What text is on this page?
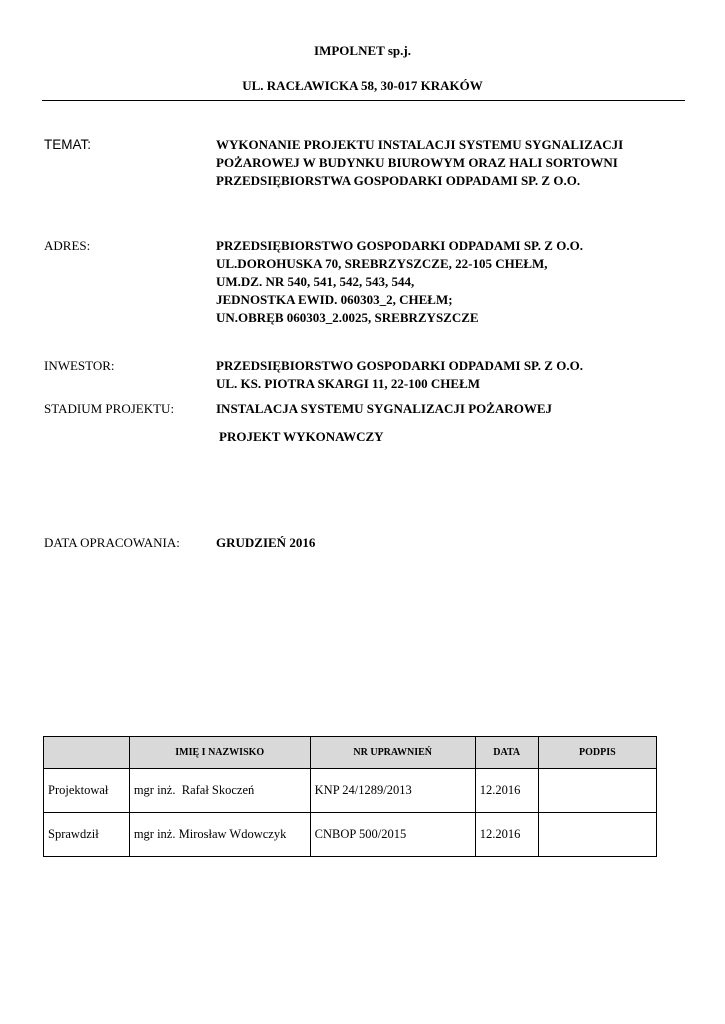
IMPOLNET sp.j.
UL. RACŁAWICKA 58, 30-017 KRAKÓW
TEMAT:	WYKONANIE PROJEKTU INSTALACJI SYSTEMU SYGNALIZACJI
POŻAROWEJ W BUDYNKU BIUROWYM ORAZ HALI SORTOWNI
PRZEDSIĘBIORSTWA GOSPODARKI ODPADAMI SP. Z O.O.
ADRES:	PRZEDSIĘBIORSTWO GOSPODARKI ODPADAMI SP. Z O.O.
UL.DOROHUSKA 70, SREBRZYSZCZE, 22-105 CHEŁM,
UM.DZ. NR 540, 541, 542, 543, 544,
JEDNOSTKA EWID. 060303_2, CHEŁM;
UN.OBRĘB 060303_2.0025, SREBRZYSZCZE
INWESTOR:	PRZEDSIĘBIORSTWO GOSPODARKI ODPADAMI SP. Z O.O.
UL. KS. PIOTRA SKARGI 11, 22-100 CHEŁM
STADIUM PROJEKTU:	INSTALACJA SYSTEMU SYGNALIZACJI POŻAROWEJ
PROJEKT WYKONAWCZY
DATA OPRACOWANIA:	GRUDZIEŃ 2016
	IMIĘ I NAZWISKO	NR UPRAWNIEŃ	DATA	PODPIS
Projektował	mgr inż.  Rafał Skoczeń	KNP 24/1289/2013	12.2016	
Sprawdził	mgr inż. Mirosław Wdowczyk	CNBOP 500/2015	12.2016	
